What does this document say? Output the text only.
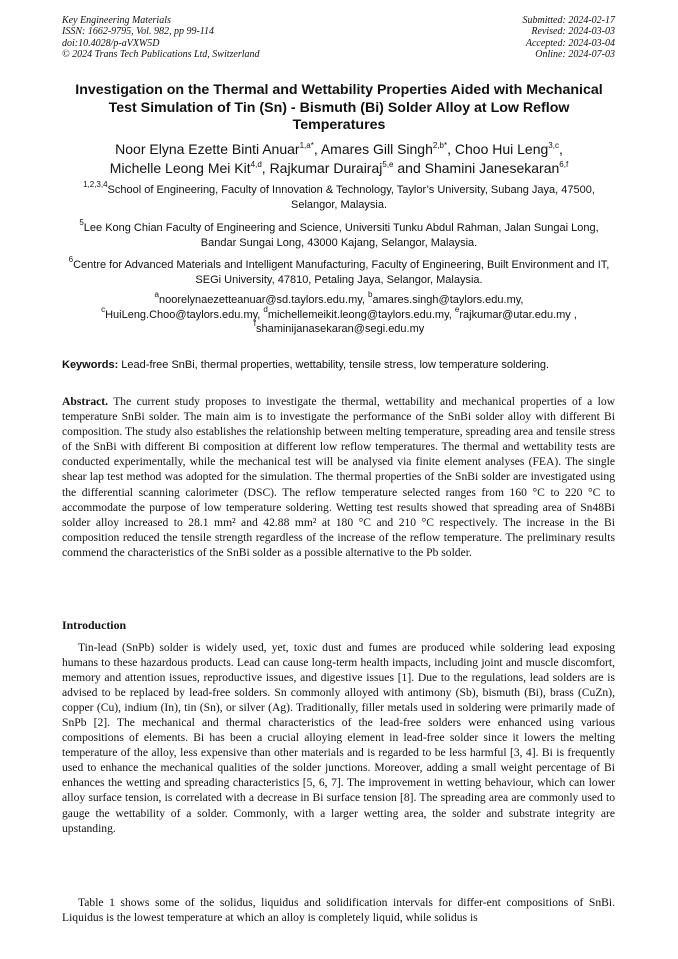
Key Engineering Materials
ISSN: 1662-9795, Vol. 982, pp 99-114
doi:10.4028/p-aVXW5D
© 2024 Trans Tech Publications Ltd, Switzerland
Submitted: 2024-02-17
Revised: 2024-03-03
Accepted: 2024-03-04
Online: 2024-07-03
Investigation on the Thermal and Wettability Properties Aided with Mechanical Test Simulation of Tin (Sn) - Bismuth (Bi) Solder Alloy at Low Reflow Temperatures
Noor Elyna Ezette Binti Anuar$^{1,a*}$, Amares Gill Singh$^{2,b*}$, Choo Hui Leng$^{3,c}$,
Michelle Leong Mei Kit$^{4,d}$, Rajkumar Durairaj$^{5,e}$ and Shamini Janesekaran$^{6,f}$
$^{1,2,3,4}$School of Engineering, Faculty of Innovation & Technology, Taylor’s University, Subang Jaya, 47500, Selangor, Malaysia.
$^5$Lee Kong Chian Faculty of Engineering and Science, Universiti Tunku Abdul Rahman, Jalan Sungai Long, Bandar Sungai Long, 43000 Kajang, Selangor, Malaysia.
$^6$Centre for Advanced Materials and Intelligent Manufacturing, Faculty of Engineering, Built Environment and IT, SEGi University, 47810, Petaling Jaya, Selangor, Malaysia.
$^a$noorelynaezetteanuar@sd.taylors.edu.my, $^b$amares.singh@taylors.edu.my,
$^c$HuiLeng.Choo@taylors.edu.my, $^d$michellemeikit.leong@taylors.edu.my, $^e$rajkumar@utar.edu.my ,
$^f$shaminijanasekaran@segi.edu.my
Keywords: Lead-free SnBi, thermal properties, wettability, tensile stress, low temperature soldering.
Abstract. The current study proposes to investigate the thermal, wettability and mechanical properties of a low temperature SnBi solder. The main aim is to investigate the performance of the SnBi solder alloy with different Bi composition. The study also establishes the relationship between melting temperature, spreading area and tensile stress of the SnBi with different Bi composition at different low reflow temperatures. The thermal and wettability tests are conducted experimentally, while the mechanical test will be analysed via finite element analyses (FEA). The single shear lap test method was adopted for the simulation. The thermal properties of the SnBi solder are investigated using the differential scanning calorimeter (DSC). The reflow temperature selected ranges from 160 °C to 220 °C to accommodate the purpose of low temperature soldering. Wetting test results showed that spreading area of Sn48Bi solder alloy increased to 28.1 mm² and 42.88 mm² at 180 °C and 210 °C respectively. The increase in the Bi composition reduced the tensile strength regardless of the increase of the reflow temperature. The preliminary results commend the characteristics of the SnBi solder as a possible alternative to the Pb solder.
Introduction
Tin-lead (SnPb) solder is widely used, yet, toxic dust and fumes are produced while soldering lead exposing humans to these hazardous products. Lead can cause long-term health impacts, including joint and muscle discomfort, memory and attention issues, reproductive issues, and digestive issues [1]. Due to the regulations, lead solders are is advised to be replaced by lead-free solders. Sn commonly alloyed with antimony (Sb), bismuth (Bi), brass (CuZn), copper (Cu), indium (In), tin (Sn), or silver (Ag). Traditionally, filler metals used in soldering were primarily made of SnPb [2]. The mechanical and thermal characteristics of the lead-free solders were enhanced using various compositions of elements. Bi has been a crucial alloying element in lead-free solder since it lowers the melting temperature of the alloy, less expensive than other materials and is regarded to be less harmful [3, 4]. Bi is frequently used to enhance the mechanical qualities of the solder junctions. Moreover, adding a small weight percentage of Bi enhances the wetting and spreading characteristics [5, 6, 7]. The improvement in wetting behaviour, which can lower alloy surface tension, is correlated with a decrease in Bi surface tension [8]. The spreading area are commonly used to gauge the wettability of a solder. Commonly, with a larger wetting area, the solder and substrate integrity are upstanding.
Table 1 shows some of the solidus, liquidus and solidification intervals for differ-ent compositions of SnBi. Liquidus is the lowest temperature at which an alloy is completely liquid, while solidus is
